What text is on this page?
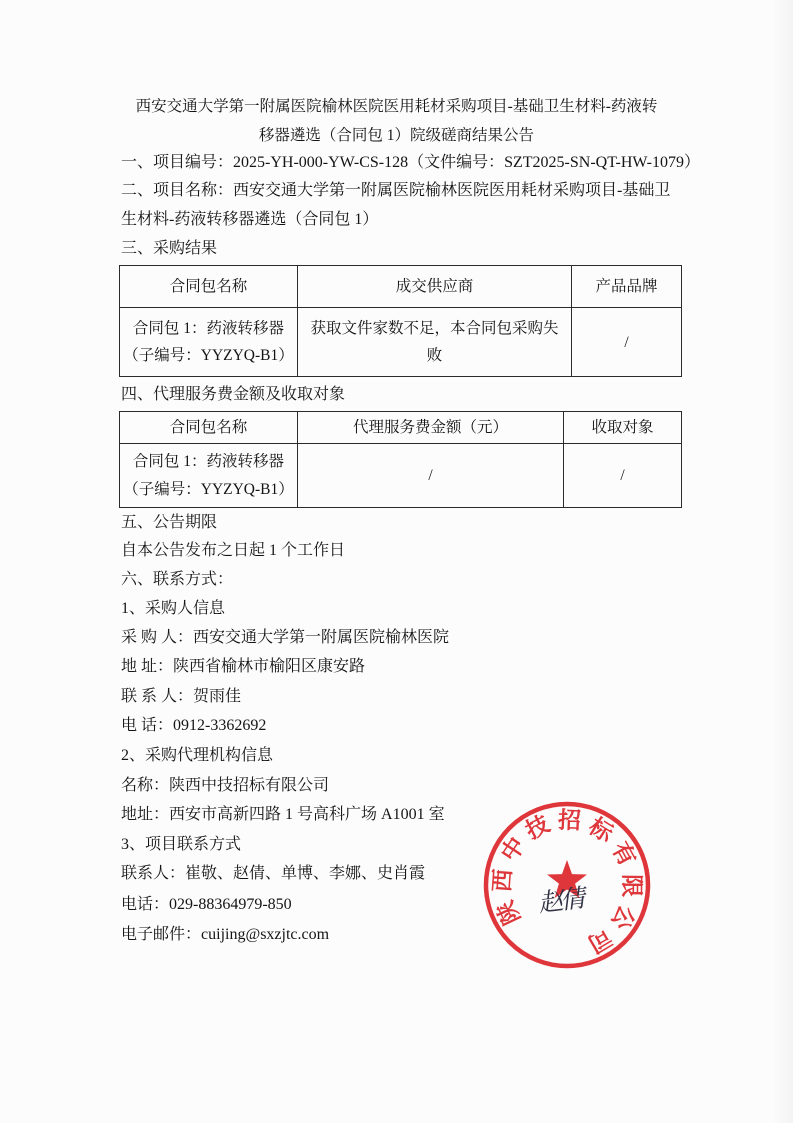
西安交通大学第一附属医院榆林医院医用耗材采购项目-基础卫生材料-药液转
移器遴选（合同包 1）院级磋商结果公告
一、项目编号：2025-YH-000-YW-CS-128（文件编号：SZT2025-SN-QT-HW-1079）
二、项目名称：西安交通大学第一附属医院榆林医院医用耗材采购项目-基础卫
生材料-药液转移器遴选（合同包 1）
三、采购结果
合同包名称	成交供应商	产品品牌

合同包 1：药液转移器
（子编号：YYZYQ-B1）	获取文件家数不足，本合同包采购失
败	/
四、代理服务费金额及收取对象
合同包名称	代理服务费金额（元）	收取对象

合同包 1：药液转移器
（子编号：YYZYQ-B1）	/	/
五、公告期限
自本公告发布之日起 1 个工作日
六、联系方式：
1、采购人信息
采 购 人：西安交通大学第一附属医院榆林医院
地 址：陕西省榆林市榆阳区康安路
联 系 人：贺雨佳
电 话：0912-3362692
2、采购代理机构信息
名称：陕西中技招标有限公司
地址：西安市高新四路 1 号高科广场 A1001 室
3、项目联系方式
联系人：崔敬、赵倩、单博、李娜、史肖霞
电话：029-88364979-850
电子邮件：cuijing@sxzjtc.com
陕西中技招标有限公司
赵倩
